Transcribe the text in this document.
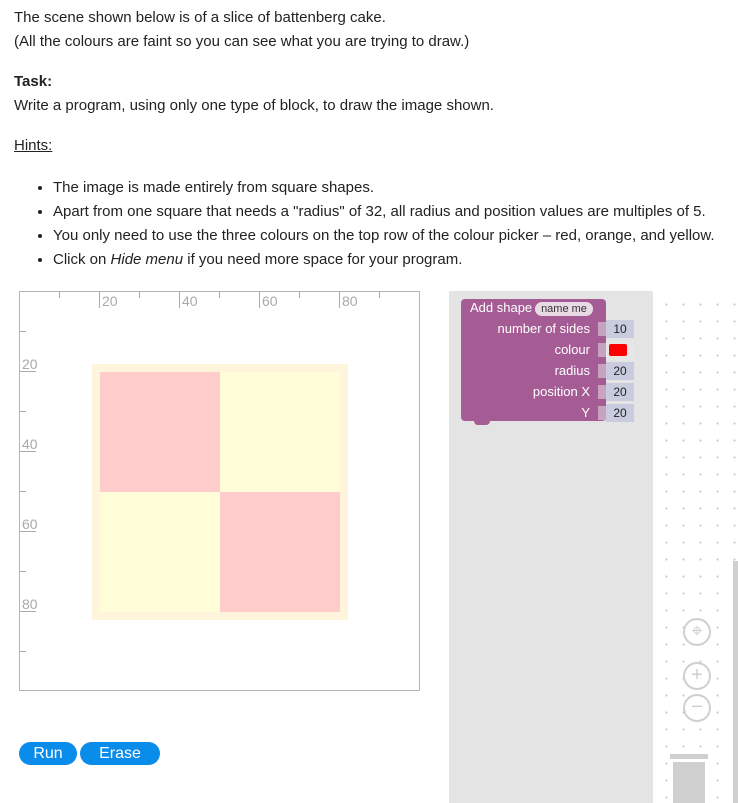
The scene shown below is of a slice of battenberg cake.

(All the colours are faint so you can see what you are trying to draw.)

Task:

Write a program, using only one type of block, to draw the image shown.

Hints:

• The image is made entirely from square shapes.
• Apart from one square that needs a "radius" of 32, all radius and position values are multiples of 5.
• You only need to use the three colours on the top row of the colour picker – red, orange, and yellow.
• Click on Hide menu if you need more space for your program.
20	40	60	80
20
40
60
80
Run	Erase
Add shape name me
number of sides	10
colour
radius	20
position X	20
Y	20
⌖
+
−
